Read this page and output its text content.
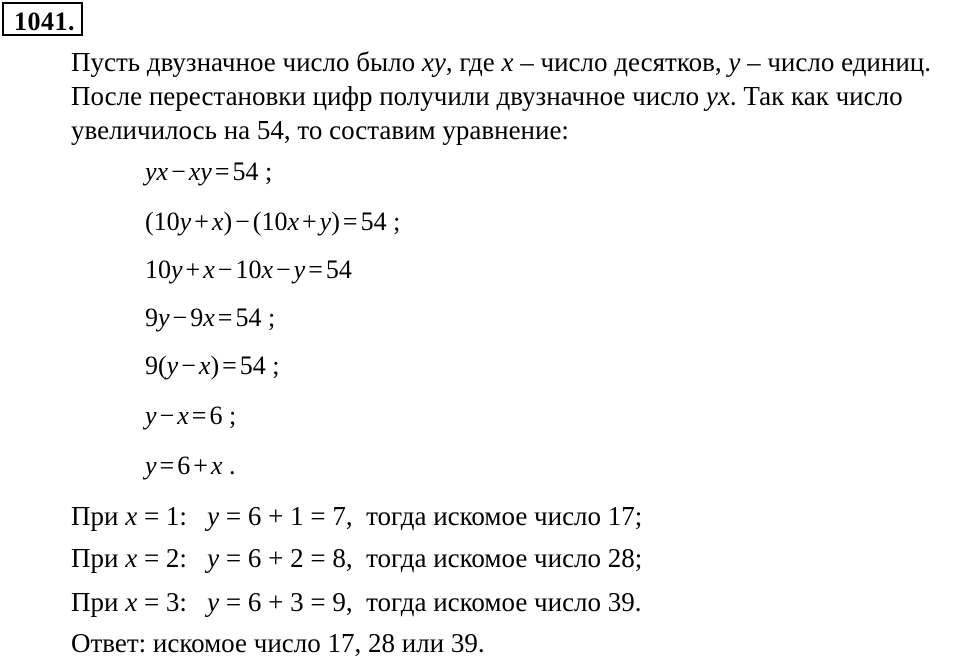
1041.
Пусть двузначное число было xy, где x – число десятков, y – число единиц.
После перестановки цифр получили двузначное число yx. Так как число
увеличилось на 54, то составим уравнение:
yx − xy = 54 ;
(10y + x) − (10x + y) = 54 ;
10y + x − 10x − y = 54
9y − 9x = 54 ;
9(y − x) = 54 ;
y − x = 6 ;
y = 6 + x .
При x = 1:   y = 6 + 1 = 7,  тогда искомое число 17;
При x = 2:   y = 6 + 2 = 8,  тогда искомое число 28;
При x = 3:   y = 6 + 3 = 9,  тогда искомое число 39.
Ответ: искомое число 17, 28 или 39.
